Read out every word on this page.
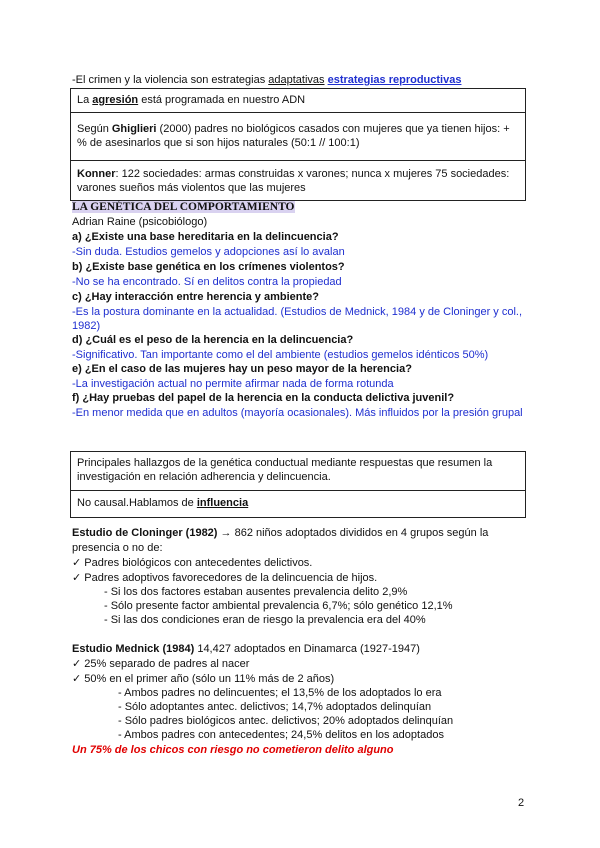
-El crimen y la violencia son estrategias adaptativas estrategias reproductivas
La agresión está programada en nuestro ADN
Según Ghiglieri (2000) padres no biológicos casados con mujeres que ya tienen hijos: +
% de asesinarlos que si son hijos naturales (50:1 // 100:1)
Konner: 122 sociedades: armas construidas x varones; nunca x mujeres 75 sociedades:
varones sueños más violentos que las mujeres
LA GENÉTICA DEL COMPORTAMIENTO
Adrian Raine (psicobiólogo)
a) ¿Existe una base hereditaria en la delincuencia?
-Sin duda. Estudios gemelos y adopciones así lo avalan
b) ¿Existe base genética en los crímenes violentos?
-No se ha encontrado. Sí en delitos contra la propiedad
c) ¿Hay interacción entre herencia y ambiente?
-Es la postura dominante en la actualidad. (Estudios de Mednick, 1984 y de Cloninger y col.,
1982)
d) ¿Cuál es el peso de la herencia en la delincuencia?
-Significativo. Tan importante como el del ambiente (estudios gemelos idénticos 50%)
e) ¿En el caso de las mujeres hay un peso mayor de la herencia?
-La investigación actual no permite afirmar nada de forma rotunda
f) ¿Hay pruebas del papel de la herencia en la conducta delictiva juvenil?
-En menor medida que en adultos (mayoría ocasionales). Más influidos por la presión grupal
Principales hallazgos de la genética conductual mediante respuestas que resumen la
investigación en relación adherencia y delincuencia.
No causal.Hablamos de influencia
Estudio de Cloninger (1982) → 862 niños adoptados divididos en 4 grupos según la
presencia o no de:
✓ Padres biológicos con antecedentes delictivos.
✓ Padres adoptivos favorecedores de la delincuencia de hijos.
- Si los dos factores estaban ausentes prevalencia delito 2,9%
- Sólo presente factor ambiental prevalencia 6,7%; sólo genético 12,1%
- Si las dos condiciones eran de riesgo la prevalencia era del 40%
Estudio Mednick (1984) 14,427 adoptados en Dinamarca (1927-1947)
✓ 25% separado de padres al nacer
✓ 50% en el primer año (sólo un 11% más de 2 años)
- Ambos padres no delincuentes; el 13,5% de los adoptados lo era
- Sólo adoptantes antec. delictivos; 14,7% adoptados delinquían
- Sólo padres biológicos antec. delictivos; 20% adoptados delinquían
- Ambos padres con antecedentes; 24,5% delitos en los adoptados
Un 75% de los chicos con riesgo no cometieron delito alguno
2
